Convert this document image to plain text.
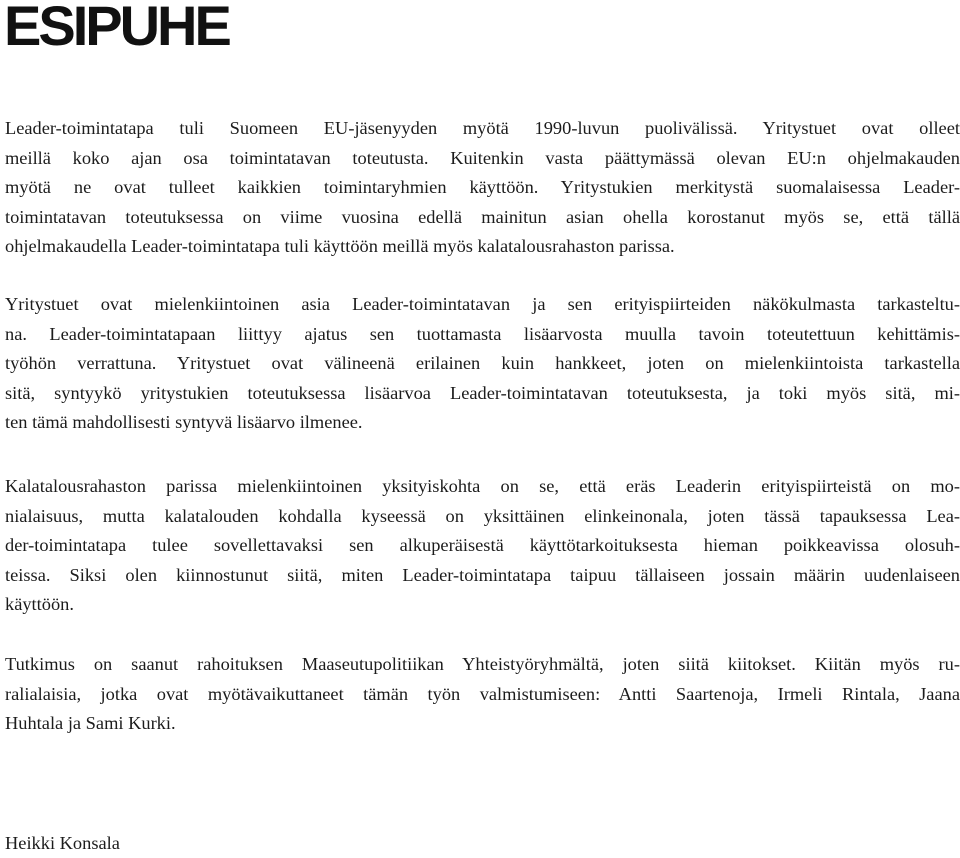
ESIPUHE

Leader-toimintatapa tuli Suomeen EU-jäsenyyden myötä 1990-luvun puolivälissä. Yritystuet ovat olleet
meillä koko ajan osa toimintatavan toteutusta. Kuitenkin vasta päättymässä olevan EU:n ohjelmakauden
myötä ne ovat tulleet kaikkien toimintaryhmien käyttöön. Yritystukien merkitystä suomalaisessa Leader-
toimintatavan toteutuksessa on viime vuosina edellä mainitun asian ohella korostanut myös se, että tällä
ohjelmakaudella Leader-toimintatapa tuli käyttöön meillä myös kalatalousrahaston parissa.

Yritystuet ovat mielenkiintoinen asia Leader-toimintatavan ja sen erityispiirteiden näkökulmasta tarkasteltu-
na. Leader-toimintatapaan liittyy ajatus sen tuottamasta lisäarvosta muulla tavoin toteutettuun kehittämis-
työhön verrattuna. Yritystuet ovat välineenä erilainen kuin hankkeet, joten on mielenkiintoista tarkastella
sitä, syntyykö yritystukien toteutuksessa lisäarvoa Leader-toimintatavan toteutuksesta, ja toki myös sitä, mi-
ten tämä mahdollisesti syntyvä lisäarvo ilmenee.

Kalatalousrahaston parissa mielenkiintoinen yksityiskohta on se, että eräs Leaderin erityispiirteistä on mo-
nialaisuus, mutta kalatalouden kohdalla kyseessä on yksittäinen elinkeinonala, joten tässä tapauksessa Lea-
der-toimintatapa tulee sovellettavaksi sen alkuperäisestä käyttötarkoituksesta hieman poikkeavissa olosuh-
teissa. Siksi olen kiinnostunut siitä, miten Leader-toimintatapa taipuu tällaiseen jossain määrin uudenlaiseen
käyttöön.

Tutkimus on saanut rahoituksen Maaseutupolitiikan Yhteistyöryhmältä, joten siitä kiitokset. Kiitän myös ru-
ralialaisia, jotka ovat myötävaikuttaneet tämän työn valmistumiseen: Antti Saartenoja, Irmeli Rintala, Jaana
Huhtala ja Sami Kurki.

Heikki Konsala
